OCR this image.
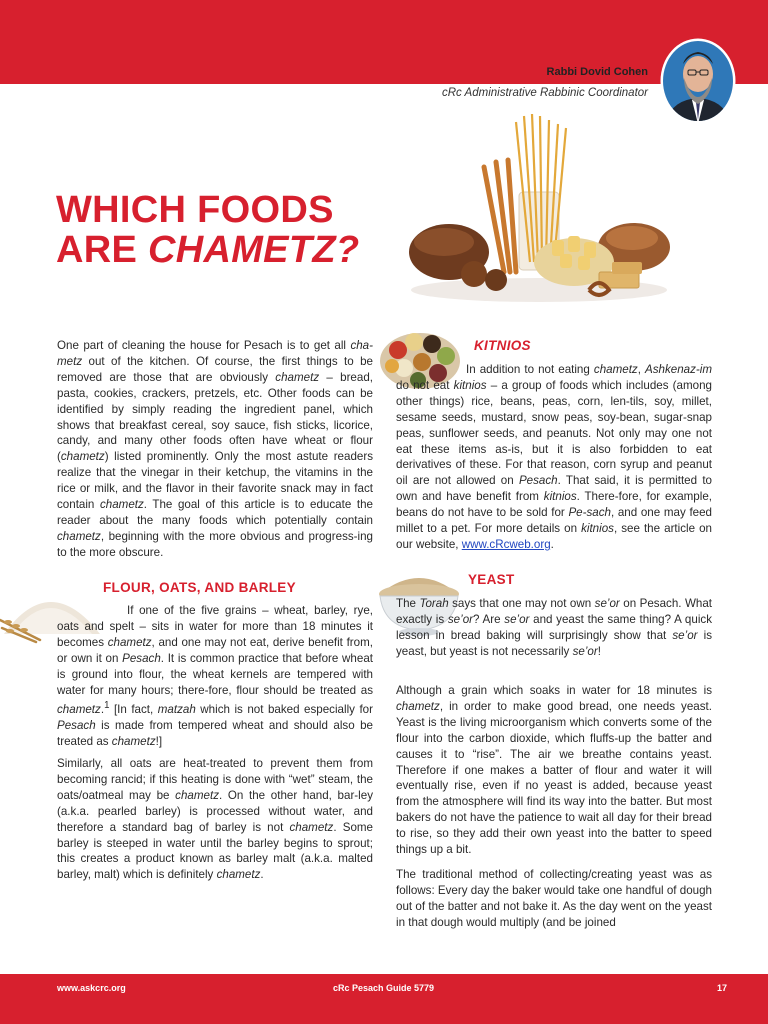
Rabbi Dovid Cohen
cRc Administrative Rabbinic Coordinator
WHICH FOODS
ARE CHAMETZ?

One part of cleaning the house for Pesach is to get all cha-metz out of the kitchen. Of course, the first things to be removed are those that are obviously chametz – bread, pasta, cookies, crackers, pretzels, etc. Other foods can be identified by simply reading the ingredient panel, which shows that breakfast cereal, soy sauce, fish sticks, licorice, candy, and many other foods often have wheat or flour (chametz) listed prominently. Only the most astute readers realize that the vinegar in their ketchup, the vitamins in the rice or milk, and the flavor in their favorite snack may in fact contain chametz. The goal of this article is to educate the reader about the many foods which potentially contain chametz, beginning with the more obvious and progress-ing to the more obscure.

KITNIOS

In addition to not eating chametz, Ashkenaz-im do not eat kitnios – a group of foods which includes (among other things) rice, beans, peas, corn, len-tils, soy, millet, sesame seeds, mustard, snow peas, soy-bean, sugar-snap peas, sunflower seeds, and peanuts. Not only may one not eat these items as-is, but it is also forbidden to eat derivatives of these. For that reason, corn syrup and peanut oil are not allowed on Pesach. That said, it is permitted to own and have benefit from kitnios. There-fore, for example, beans do not have to be sold for Pe-sach, and one may feed millet to a pet. For more details on kitnios, see the article on our website, www.cRcweb.org.

FLOUR, OATS, AND BARLEY

If one of the five grains – wheat, barley, rye, oats and spelt – sits in water for more than 18 minutes it becomes chametz, and one may not eat, derive benefit from, or own it on Pesach. It is common practice that before wheat is ground into flour, the wheat kernels are tempered with water for many hours; there-fore, flour should be treated as chametz.$^1$ [In fact, matzah which is not baked especially for Pesach is made from tempered wheat and should also be treated as chametz!]

Similarly, all oats are heat-treated to prevent them from becoming rancid; if this heating is done with “wet” steam, the oats/oatmeal may be chametz. On the other hand, bar-ley (a.k.a. pearled barley) is processed without water, and therefore a standard bag of barley is not chametz. Some barley is steeped in water until the barley begins to sprout; this creates a product known as barley malt (a.k.a. malted barley, malt) which is definitely chametz.

YEAST

The Torah says that one may not own se’or on Pesach. What exactly is se’or? Are se’or and yeast the same thing? A quick lesson in bread baking will surprisingly show that se’or is yeast, but yeast is not necessarily se’or!

Although a grain which soaks in water for 18 minutes is chametz, in order to make good bread, one needs yeast. Yeast is the living microorganism which converts some of the flour into the carbon dioxide, which fluffs-up the batter and causes it to “rise”. The air we breathe contains yeast. Therefore if one makes a batter of flour and water it will eventually rise, even if no yeast is added, because yeast from the atmosphere will find its way into the batter. But most bakers do not have the patience to wait all day for their bread to rise, so they add their own yeast into the batter to speed things up a bit.

The traditional method of collecting/creating yeast was as follows: Every day the baker would take one handful of dough out of the batter and not bake it. As the day went on the yeast in that dough would multiply (and be joined

www.askcrc.org	cRc Pesach Guide 5779	17
